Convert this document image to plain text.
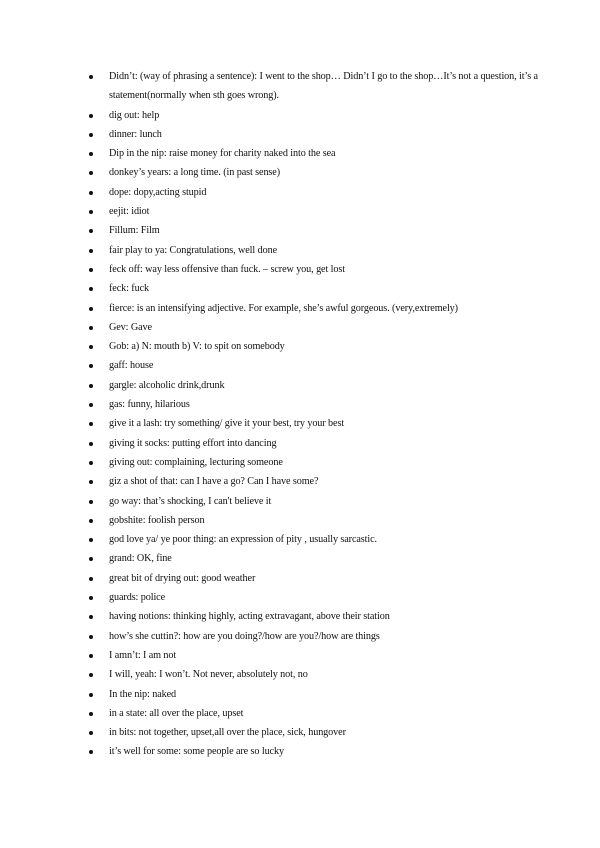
Didn’t: (way of phrasing a sentence): I went to the shop… Didn’t I go to the shop…It’s not a question, it’s a statement(normally when sth goes wrong).
dig out: help
dinner: lunch
Dip in the nip: raise money for charity naked into the sea
donkey’s years: a long time. (in past sense)
dope: dopy,acting stupid
eejit: idiot
Fillum: Film
fair play to ya: Congratulations, well done
feck off: way less offensive than fuck. – screw you, get lost
feck: fuck
fierce: is an intensifying adjective. For example, she’s awful gorgeous. (very,extremely)
Gev: Gave
Gob: a) N: mouth b) V: to spit on somebody
gaff: house
gargle: alcoholic drink,drunk
gas: funny, hilarious
give it a lash: try something/ give it your best, try your best
giving it socks: putting effort into dancing
giving out: complaining, lecturing someone
giz a shot of that: can I have a go? Can I have some?
go way: that’s shocking, I can't believe it
gobshite: foolish person
god love ya/ ye poor thing: an expression of pity , usually sarcastic.
grand: OK, fine
great bit of drying out: good weather
guards: police
having notions: thinking highly, acting extravagant, above their station
how’s she cuttin?: how are you doing?/how are you?/how are things
I amn’t: I am not
I will, yeah: I won’t. Not never, absolutely not, no
In the nip: naked
in a state: all over the place, upset
in bits: not together, upset,all over the place, sick, hungover
it’s well for some: some people are so lucky
